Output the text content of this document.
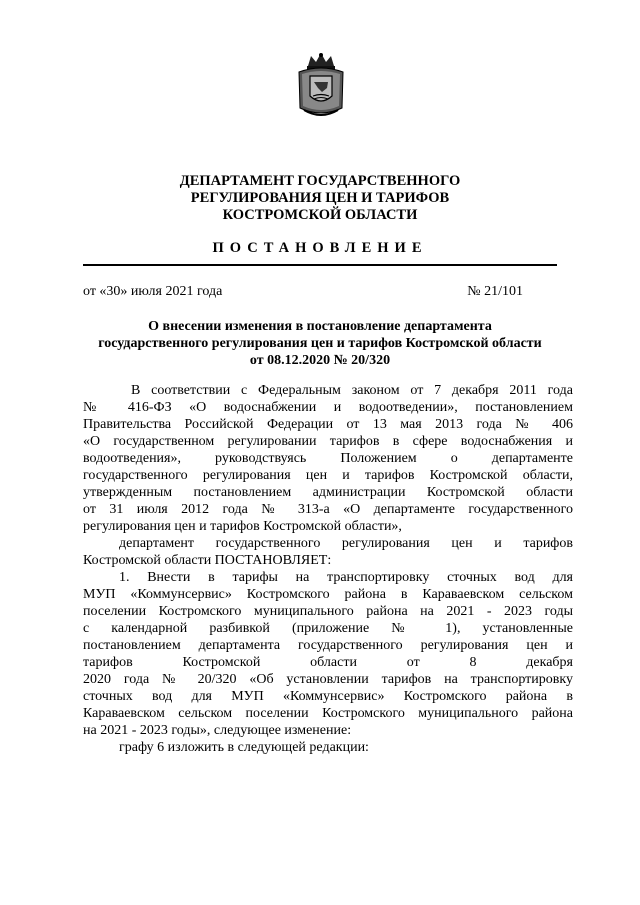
ДЕПАРТАМЕНТ ГОСУДАРСТВЕННОГО
РЕГУЛИРОВАНИЯ ЦЕН И ТАРИФОВ
КОСТРОМСКОЙ ОБЛАСТИ
ПОСТАНОВЛЕНИЕ
от «30» июля 2021 года	№ 21/101
О внесении изменения в постановление департамента
государственного регулирования цен и тарифов Костромской области
от 08.12.2020 № 20/320
В соответствии с Федеральным законом от 7 декабря 2011 года
№ 416-ФЗ «О водоснабжении и водоотведении», постановлением
Правительства Российской Федерации от 13 мая 2013 года № 406
«О государственном регулировании тарифов в сфере водоснабжения и
водоотведения», руководствуясь Положением о департаменте
государственного регулирования цен и тарифов Костромской области,
утвержденным постановлением администрации Костромской области
от 31 июля 2012 года № 313-а «О департаменте государственного
регулирования цен и тарифов Костромской области»,
департамент государственного регулирования цен и тарифов
Костромской области ПОСТАНОВЛЯЕТ:
1. Внести в тарифы на транспортировку сточных вод для
МУП «Коммунсервис» Костромского района в Караваевском сельском
поселении Костромского муниципального района на 2021 - 2023 годы
с календарной разбивкой (приложение № 1), установленные
постановлением департамента государственного регулирования цен и
тарифов Костромской области от 8 декабря
2020 года № 20/320 «Об установлении тарифов на транспортировку
сточных вод для МУП «Коммунсервис» Костромского района в
Караваевском сельском поселении Костромского муниципального района
на 2021 - 2023 годы», следующее изменение:
графу 6 изложить в следующей редакции:
